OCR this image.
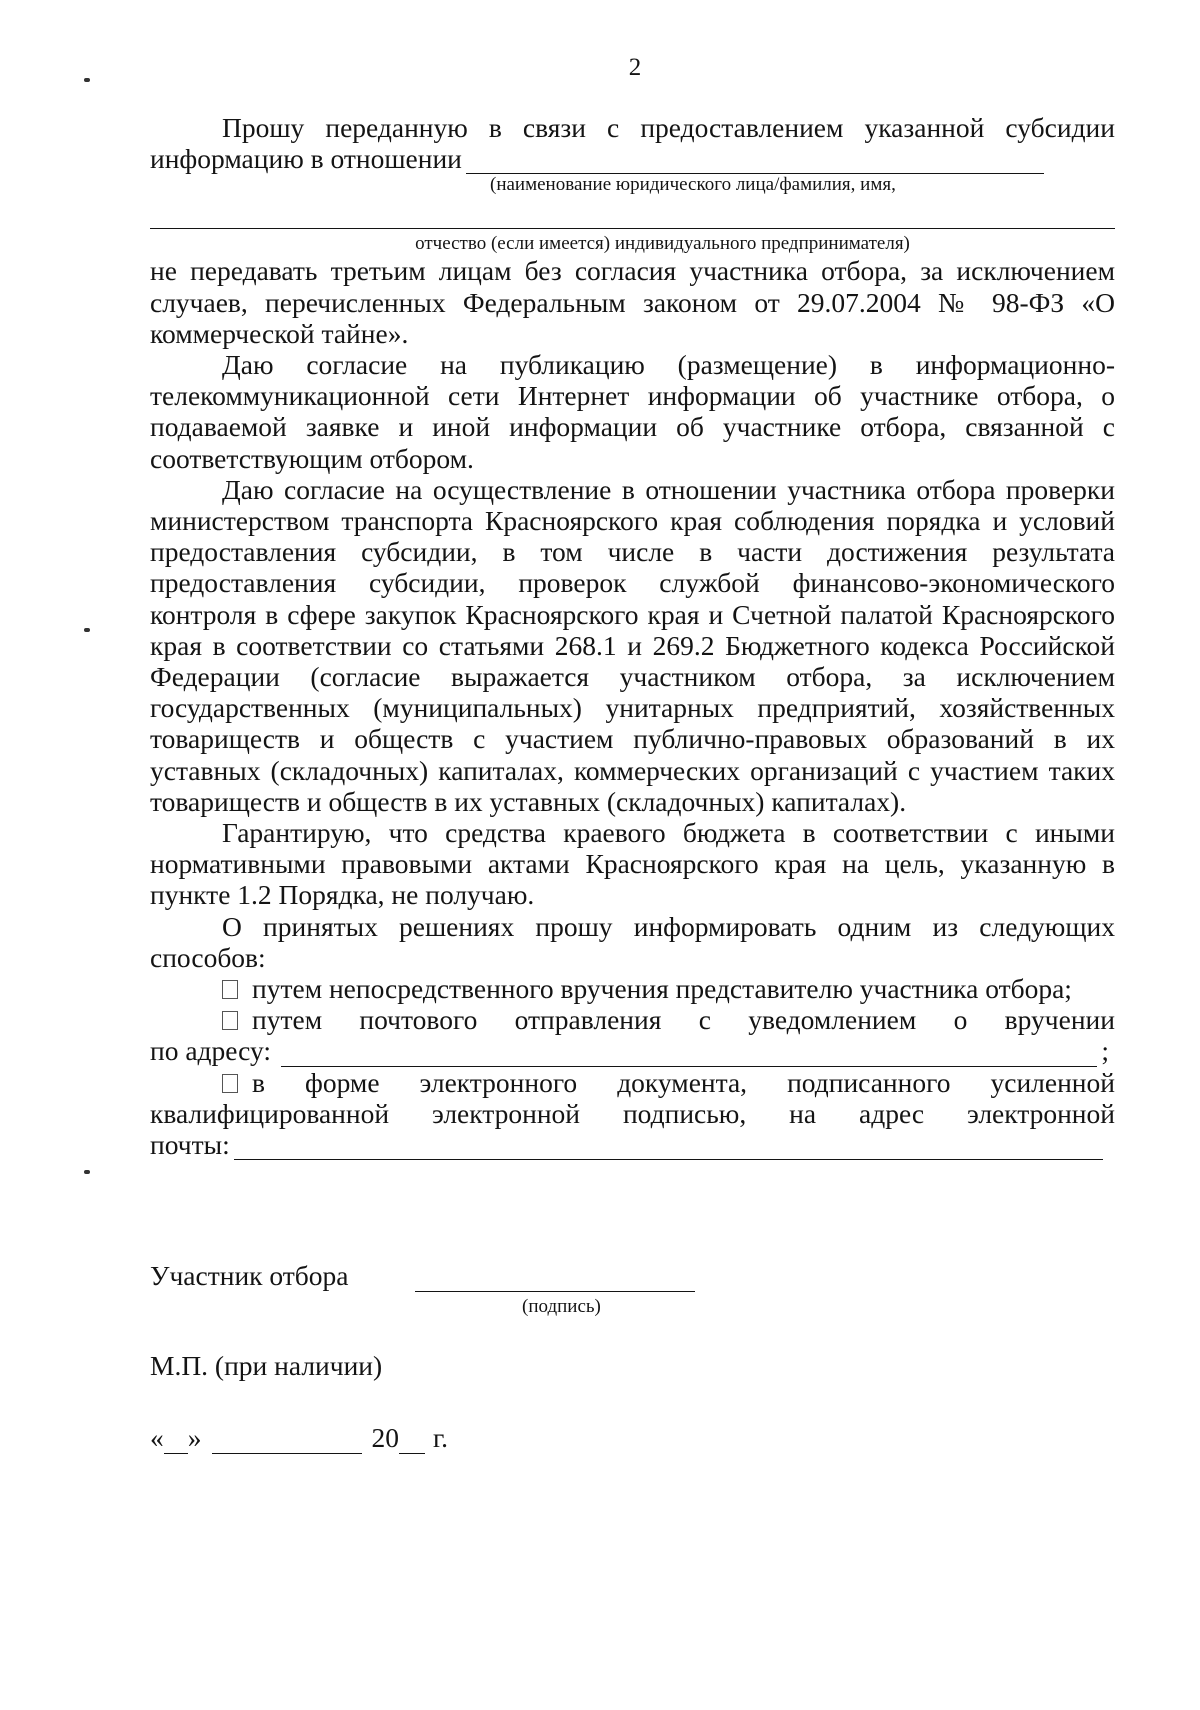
2

Прошу переданную в связи с предоставлением указанной субсидии

информацию в отношении
(наименование юридического лица/фамилия, имя,
отчество (если имеется) индивидуального предпринимателя)

не передавать третьим лицам без согласия участника отбора, за исключением случаев, перечисленных Федеральным законом от 29.07.2004 № 98-ФЗ «О коммерческой тайне».

Даю согласие на публикацию (размещение) в информационно-телекоммуникационной сети Интернет информации об участнике отбора, о подаваемой заявке и иной информации об участнике отбора, связанной с соответствующим отбором.

Даю согласие на осуществление в отношении участника отбора проверки министерством транспорта Красноярского края соблюдения порядка и условий предоставления субсидии, в том числе в части достижения результата предоставления субсидии, проверок службой финансово-экономического контроля в сфере закупок Красноярского края и Счетной палатой Красноярского края в соответствии со статьями 268.1 и 269.2 Бюджетного кодекса Российской Федерации (согласие выражается участником отбора, за исключением государственных (муниципальных) унитарных предприятий, хозяйственных товариществ и обществ с участием публично-правовых образований в их уставных (складочных) капиталах, коммерческих организаций с участием таких товариществ и обществ в их уставных (складочных) капиталах).

Гарантирую, что средства краевого бюджета в соответствии с иными нормативными правовыми актами Красноярского края на цель, указанную в пункте 1.2 Порядка, не получаю.

О принятых решениях прошу информировать одним из следующих способов:

путем непосредственного вручения представителю участника отбора;

путем почтового отправления с уведомлением о вручении

по адресу:	;

в форме электронного документа, подписанного усиленной

квалифицированной электронной подписью, на адрес электронной

почты:
Участник отбора
(подпись)
М.П. (при наличии)
« »	20 г.
